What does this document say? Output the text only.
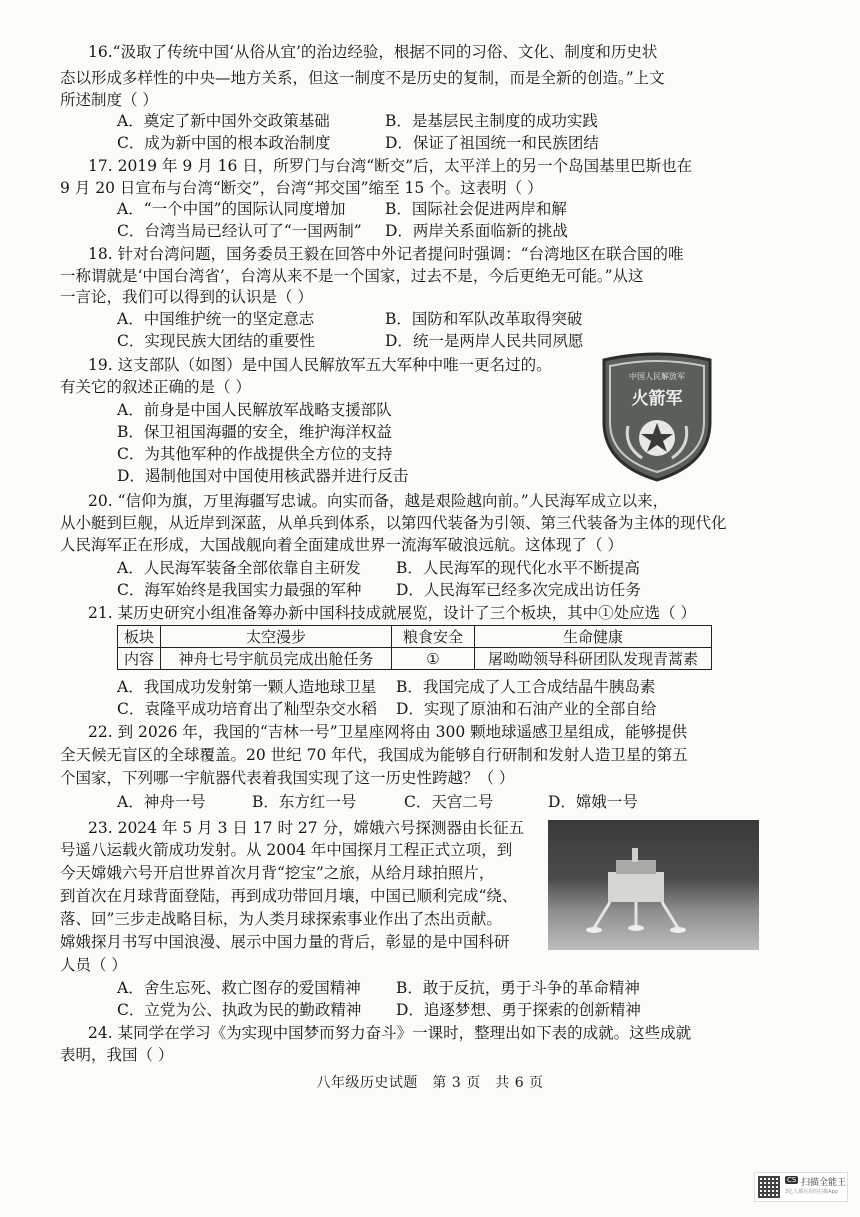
16.“汲取了传统中国‘从俗从宜’的治边经验，根据不同的习俗、文化、制度和历史状
态以形成多样性的中央—地方关系，但这一制度不是历史的复制，而是全新的创造。”上文
所述制度（ ）
A．奠定了新中国外交政策基础	B．是基层民主制度的成功实践
C．成为新中国的根本政治制度	D．保证了祖国统一和民族团结
17. 2019 年 9 月 16 日，所罗门与台湾“断交”后，太平洋上的另一个岛国基里巴斯也在
9 月 20 日宣布与台湾“断交”，台湾“邦交国”缩至 15 个。这表明（ ）
A．“一个中国”的国际认同度增加	B．国际社会促进两岸和解
C．台湾当局已经认可了“一国两制” D．两岸关系面临新的挑战
18. 针对台湾问题，国务委员王毅在回答中外记者提问时强调：“台湾地区在联合国的唯
一称谓就是‘中国台湾省’，台湾从来不是一个国家，过去不是，今后更绝无可能。”从这
一言论，我们可以得到的认识是（ ）
A．中国维护统一的坚定意志	B．国防和军队改革取得突破
C．实现民族大团结的重要性	D．统一是两岸人民共同夙愿
19. 这支部队（如图）是中国人民解放军五大军种中唯一更名过的。
有关它的叙述正确的是（ ）
A．前身是中国人民解放军战略支援部队
B．保卫祖国海疆的安全，维护海洋权益
C．为其他军种的作战提供全方位的支持
D．遏制他国对中国使用核武器并进行反击
中国人民解放军
火箭军
20. “信仰为旗，万里海疆写忠诚。向实而备，越是艰险越向前。”人民海军成立以来，
从小艇到巨舰，从近岸到深蓝，从单兵到体系，以第四代装备为引领、第三代装备为主体的现代化
人民海军正在形成，大国战舰向着全面建成世界一流海军破浪远航。这体现了（ ）
A．人民海军装备全部依靠自主研发 B．人民海军的现代化水平不断提高
C．海军始终是我国实力最强的军种 D．人民海军已经多次完成出访任务
21. 某历史研究小组准备筹办新中国科技成就展览，设计了三个板块，其中①处应选（ ）
板块	太空漫步	粮食安全	生命健康
内容	神舟七号宇航员完成出舱任务	①	屠呦呦领导科研团队发现青蒿素
A．我国成功发射第一颗人造地球卫星 B．我国完成了人工合成结晶牛胰岛素
C．袁隆平成功培育出了籼型杂交水稻 D．实现了原油和石油产业的全部自给
22. 到 2026 年，我国的“吉林一号”卫星座网将由 300 颗地球遥感卫星组成，能够提供
全天候无盲区的全球覆盖。20 世纪 70 年代，我国成为能够自行研制和发射人造卫星的第五
个国家，下列哪一宇航器代表着我国实现了这一历史性跨越？（ ）
A．神舟一号	B．东方红一号	C．天宫二号	D．嫦娥一号
23. 2024 年 5 月 3 日 17 时 27 分，嫦娥六号探测器由长征五
号遥八运载火箭成功发射。从 2004 年中国探月工程正式立项，到
今天嫦娥六号开启世界首次月背“挖宝”之旅，从给月球拍照片，
到首次在月球背面登陆，再到成功带回月壤，中国已顺利完成“绕、
落、回”三步走战略目标，为人类月球探索事业作出了杰出贡献。
嫦娥探月书写中国浪漫、展示中国力量的背后，彰显的是中国科研
人员（ ）
A．舍生忘死、救亡图存的爱国精神 B．敢于反抗，勇于斗争的革命精神
C．立党为公、执政为民的勤政精神 D．追逐梦想、勇于探索的创新精神
24. 某同学在学习《为实现中国梦而努力奋斗》一课时，整理出如下表的成就。这些成就
表明，我国（ ）
八年级历史试题　第 3 页　共 6 页
CS 扫描全能王
3亿人都在用的扫描App
